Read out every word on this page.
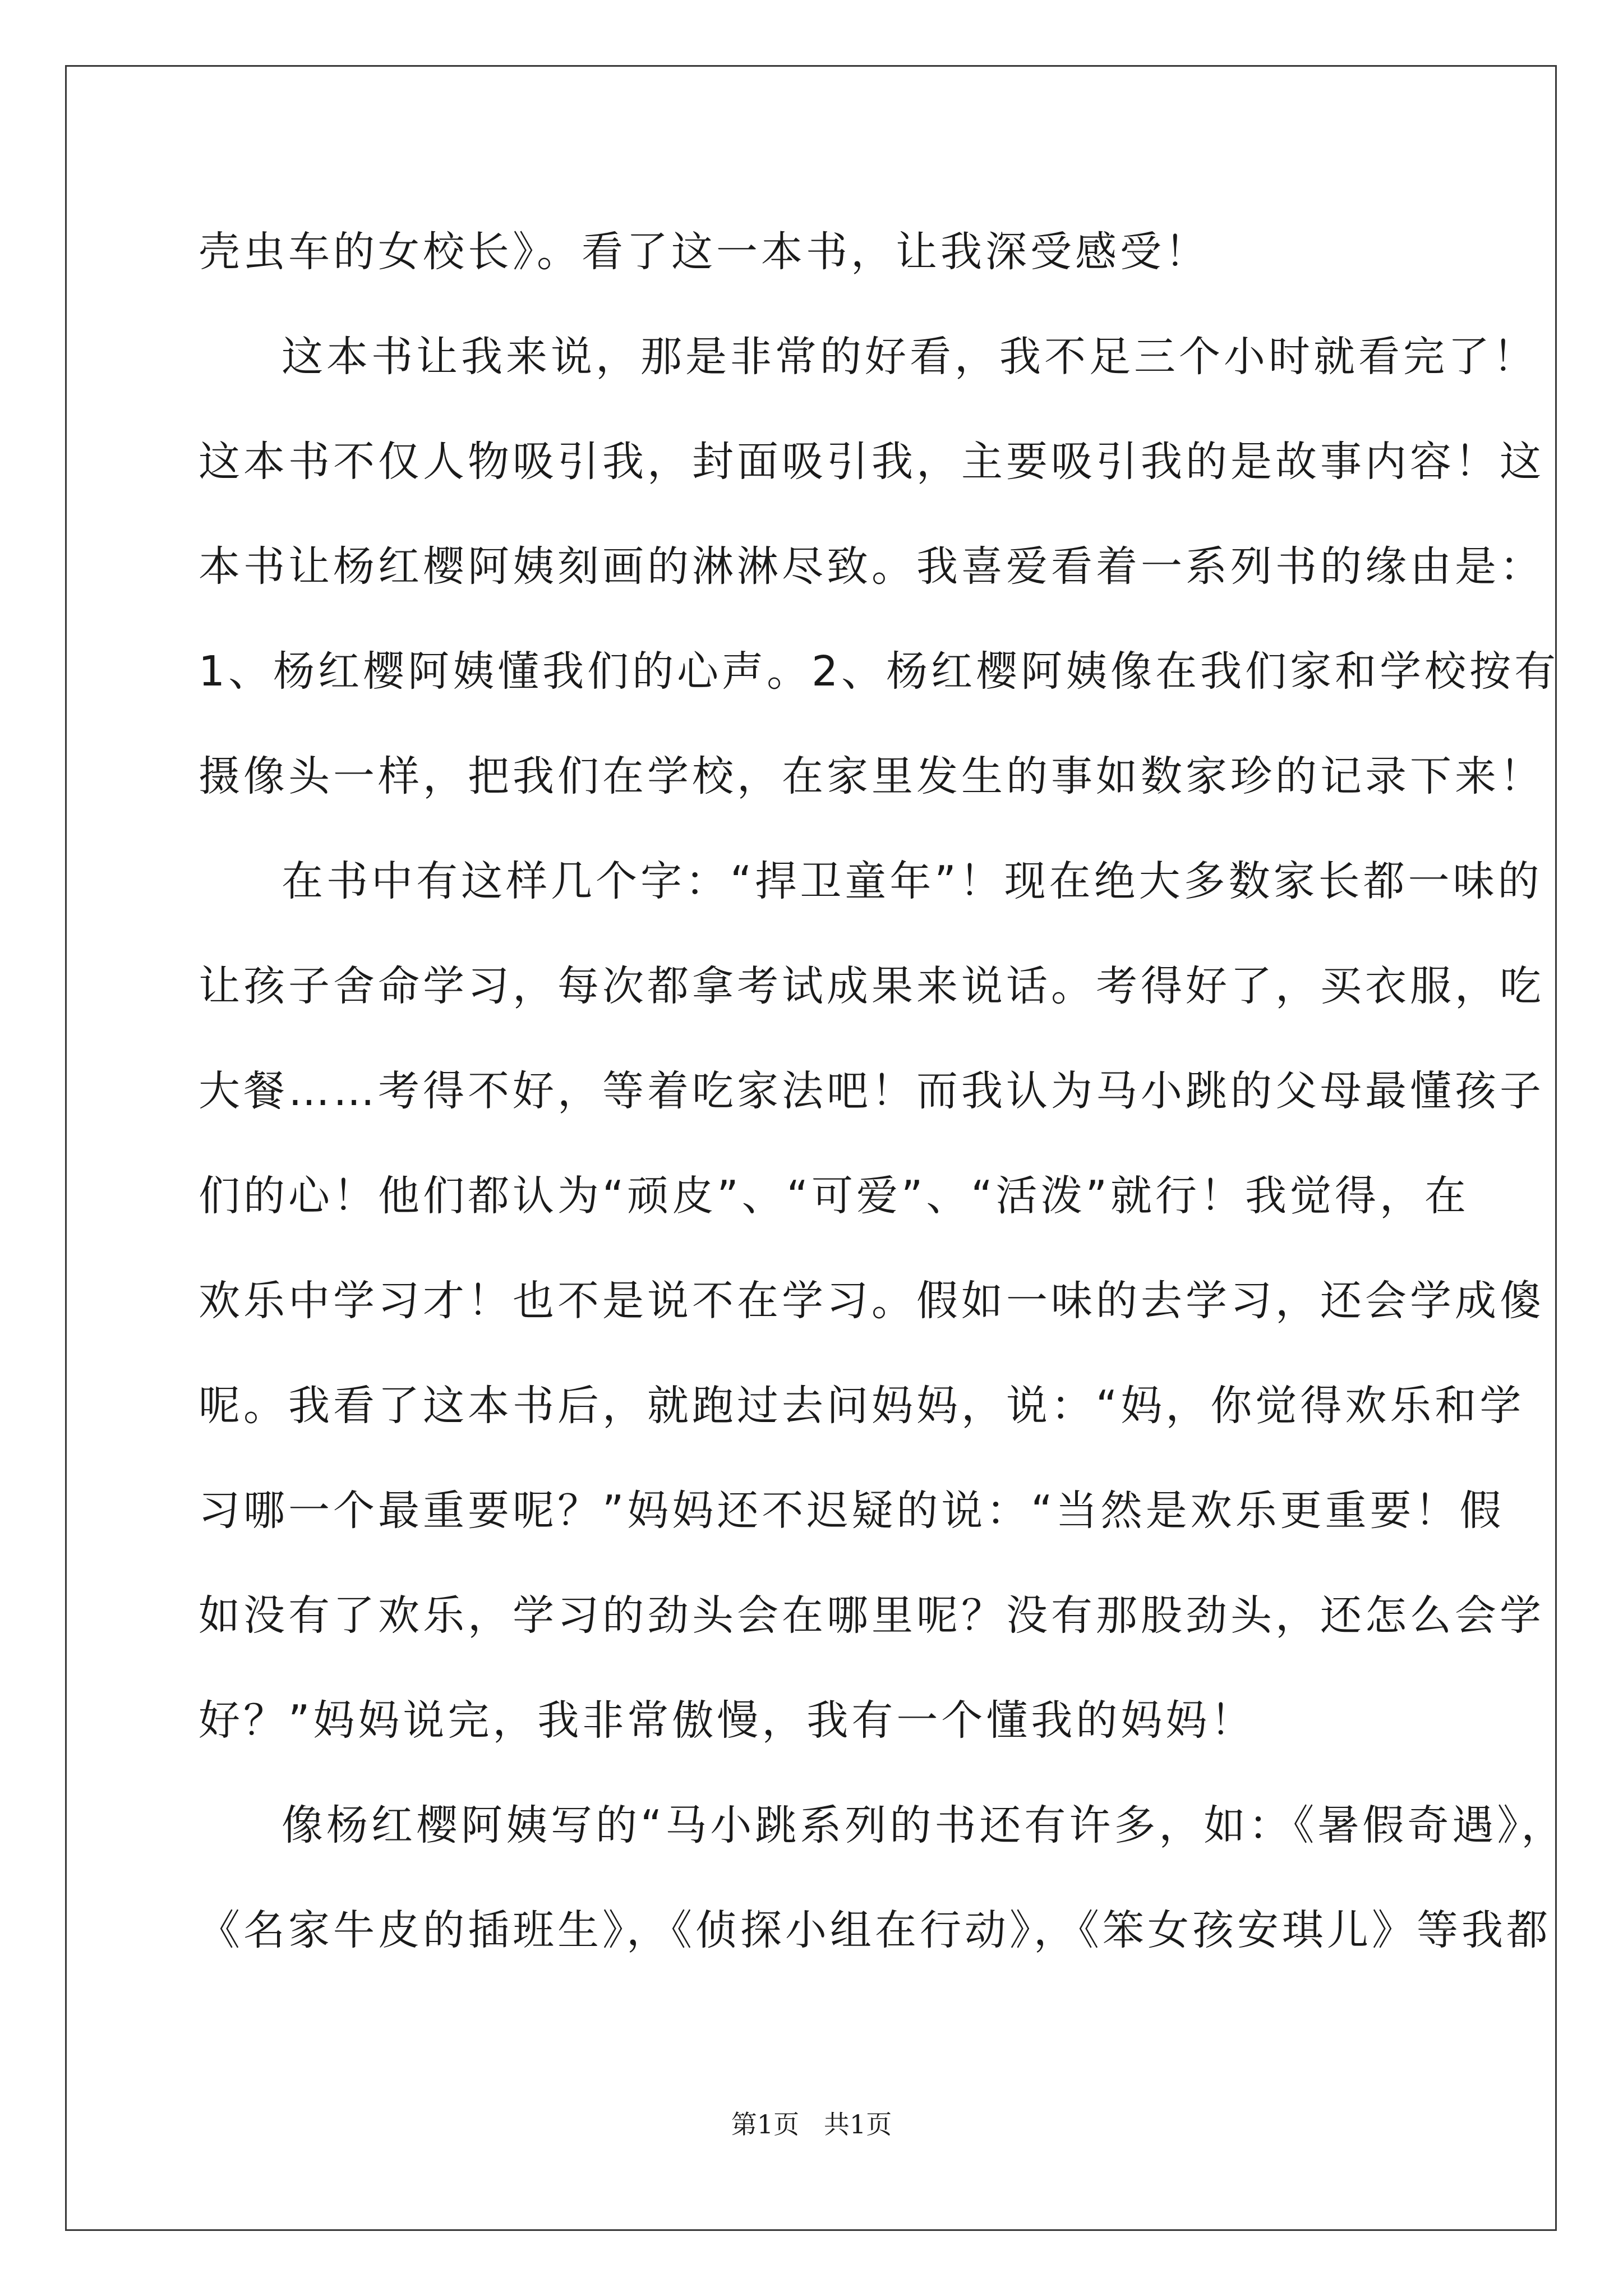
壳虫车的女校长》。看了这一本书，让我深受感受！
这本书让我来说，那是非常的好看，我不足三个小时就看完了！
这本书不仅人物吸引我，封面吸引我，主要吸引我的是故事内容！这
本书让杨红樱阿姨刻画的淋淋尽致。我喜爱看着一系列书的缘由是：
1、杨红樱阿姨懂我们的心声。2、杨红樱阿姨像在我们家和学校按有
摄像头一样，把我们在学校，在家里发生的事如数家珍的记录下来！
在书中有这样几个字：“捍卫童年”！现在绝大多数家长都一味的
让孩子舍命学习，每次都拿考试成果来说话。考得好了，买衣服，吃
大餐……考得不好，等着吃家法吧！而我认为马小跳的父母最懂孩子
们的心！他们都认为“顽皮”、“可爱”、“活泼”就行！我觉得，在
欢乐中学习才！也不是说不在学习。假如一味的去学习，还会学成傻
呢。我看了这本书后，就跑过去问妈妈，说：“妈，你觉得欢乐和学
习哪一个最重要呢？”妈妈还不迟疑的说：“当然是欢乐更重要！假
如没有了欢乐，学习的劲头会在哪里呢？没有那股劲头，还怎么会学
好？”妈妈说完，我非常傲慢，我有一个懂我的妈妈！
像杨红樱阿姨写的“马小跳系列的书还有许多，如：《暑假奇遇》，
《名家牛皮的插班生》，《侦探小组在行动》，《笨女孩安琪儿》等我都
第1页   共1页
